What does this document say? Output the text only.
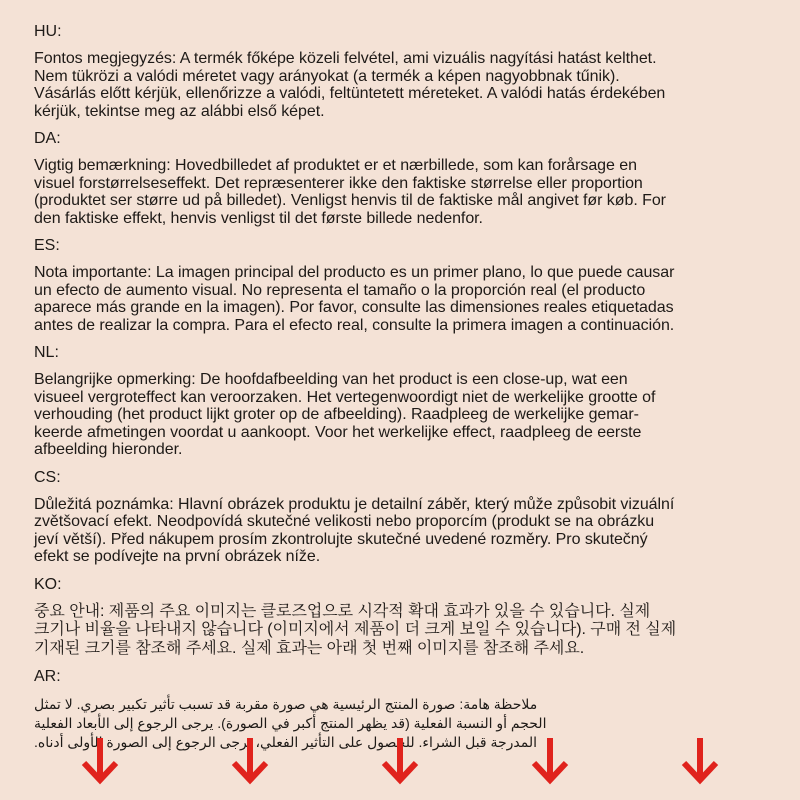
HU:

Fontos megjegyzés: A termék főképe közeli felvétel, ami vizuális nagyítási hatást kelthet.
Nem tükrözi a valódi méretet vagy arányokat (a termék a képen nagyobbnak tűnik).
Vásárlás előtt kérjük, ellenőrizze a valódi, feltüntetett méreteket. A valódi hatás érdekében
kérjük, tekintse meg az alábbi első képet.

DA:

Vigtig bemærkning: Hovedbilledet af produktet er et nærbillede, som kan forårsage en
visuel forstørrelseseffekt. Det repræsenterer ikke den faktiske størrelse eller proportion
(produktet ser større ud på billedet). Venligst henvis til de faktiske mål angivet før køb. For
den faktiske effekt, henvis venligst til det første billede nedenfor.

ES:

Nota importante: La imagen principal del producto es un primer plano, lo que puede causar
un efecto de aumento visual. No representa el tamaño o la proporción real (el producto
aparece más grande en la imagen). Por favor, consulte las dimensiones reales etiquetadas
antes de realizar la compra. Para el efecto real, consulte la primera imagen a continuación.

NL:

Belangrijke opmerking: De hoofdafbeelding van het product is een close-up, wat een
visueel vergroteffect kan veroorzaken. Het vertegenwoordigt niet de werkelijke grootte of
verhouding (het product lijkt groter op de afbeelding). Raadpleeg de werkelijke gemar-
keerde afmetingen voordat u aankoopt. Voor het werkelijke effect, raadpleeg de eerste
afbeelding hieronder.

CS:

Důležitá poznámka: Hlavní obrázek produktu je detailní záběr, který může způsobit vizuální
zvětšovací efekt. Neodpovídá skutečné velikosti nebo proporcím (produkt se na obrázku
jeví větší). Před nákupem prosím zkontrolujte skutečné uvedené rozměry. Pro skutečný
efekt se podívejte na první obrázek níže.

KO:

중요 안내: 제품의 주요 이미지는 클로즈업으로 시각적 확대 효과가 있을 수 있습니다. 실제
크기나 비율을 나타내지 않습니다 (이미지에서 제품이 더 크게 보일 수 있습니다). 구매 전 실제
기재된 크기를 참조해 주세요. 실제 효과는 아래 첫 번째 이미지를 참조해 주세요.

AR:

ملاحظة هامة: صورة المنتج الرئيسية هي صورة مقربة قد تسبب تأثير تكبير بصري. لا تمثل
الحجم أو النسبة الفعلية (قد يظهر المنتج أكبر في الصورة). يرجى الرجوع إلى الأبعاد الفعلية
المدرجة قبل الشراء. للحصول على التأثير الفعلي، يرجى الرجوع إلى الصورة الأولى أدناه.
